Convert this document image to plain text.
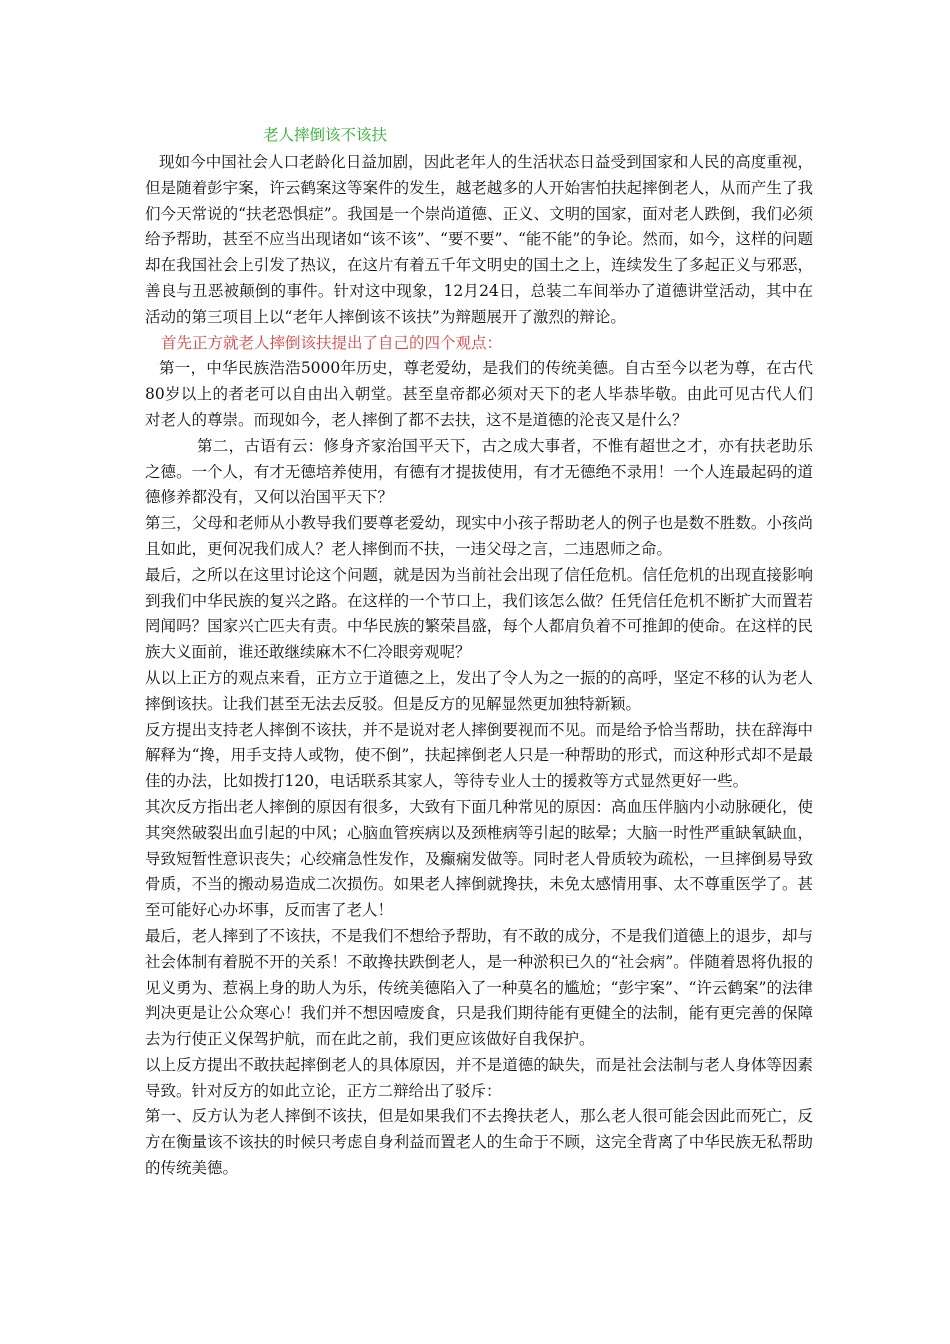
老人摔倒该不该扶

现如今中国社会人口老龄化日益加剧，因此老年人的生活状态日益受到国家和人民的高度重视，但是随着彭宇案，许云鹤案这等案件的发生，越老越多的人开始害怕扶起摔倒老人，从而产生了我们今天常说的“扶老恐惧症”。我国是一个崇尚道德、正义、文明的国家，面对老人跌倒，我们必须给予帮助，甚至不应当出现诸如“该不该”、“要不要”、“能不能”的争论。然而，如今，这样的问题却在我国社会上引发了热议，在这片有着五千年文明史的国土之上，连续发生了多起正义与邪恶，善良与丑恶被颠倒的事件。针对这中现象，12月24日，总装二车间举办了道德讲堂活动，其中在活动的第三项目上以“老年人摔倒该不该扶”为辩题展开了激烈的辩论。

首先正方就老人摔倒该扶提出了自己的四个观点：

第一，中华民族浩浩5000年历史，尊老爱幼，是我们的传统美德。自古至今以老为尊，在古代80岁以上的者老可以自由出入朝堂。甚至皇帝都必须对天下的老人毕恭毕敬。由此可见古代人们对老人的尊崇。而现如今，老人摔倒了都不去扶，这不是道德的沦丧又是什么？

第二，古语有云：修身齐家治国平天下，古之成大事者，不惟有超世之才，亦有扶老助乐之德。一个人，有才无德培养使用，有德有才提拔使用，有才无德绝不录用！一个人连最起码的道德修养都没有，又何以治国平天下？

第三，父母和老师从小教导我们要尊老爱幼，现实中小孩子帮助老人的例子也是数不胜数。小孩尚且如此，更何况我们成人？老人摔倒而不扶，一违父母之言，二违恩师之命。

最后，之所以在这里讨论这个问题，就是因为当前社会出现了信任危机。信任危机的出现直接影响到我们中华民族的复兴之路。在这样的一个节口上，我们该怎么做？任凭信任危机不断扩大而置若罔闻吗？国家兴亡匹夫有责。中华民族的繁荣昌盛，每个人都肩负着不可推卸的使命。在这样的民族大义面前，谁还敢继续麻木不仁冷眼旁观呢？

从以上正方的观点来看，正方立于道德之上，发出了令人为之一振的的高呼，坚定不移的认为老人摔倒该扶。让我们甚至无法去反驳。但是反方的见解显然更加独特新颖。

反方提出支持老人摔倒不该扶，并不是说对老人摔倒要视而不见。而是给予恰当帮助，扶在辞海中解释为“搀，用手支持人或物，使不倒”，扶起摔倒老人只是一种帮助的形式，而这种形式却不是最佳的办法，比如拨打120，电话联系其家人，等待专业人士的援救等方式显然更好一些。

其次反方指出老人摔倒的原因有很多，大致有下面几种常见的原因：高血压伴脑内小动脉硬化，使其突然破裂出血引起的中风；心脑血管疾病以及颈椎病等引起的眩晕；大脑一时性严重缺氧缺血，导致短暂性意识丧失；心绞痛急性发作，及癫痫发做等。同时老人骨质较为疏松，一旦摔倒易导致骨质，不当的搬动易造成二次损伤。如果老人摔倒就搀扶，未免太感情用事、太不尊重医学了。甚至可能好心办坏事，反而害了老人！

最后，老人摔到了不该扶，不是我们不想给予帮助，有不敢的成分，不是我们道德上的退步，却与社会体制有着脱不开的关系！不敢搀扶跌倒老人，是一种淤积已久的“社会病”。伴随着恩将仇报的见义勇为、惹祸上身的助人为乐，传统美德陷入了一种莫名的尴尬；“彭宇案”、“许云鹤案”的法律判决更是让公众寒心！我们并不想因噎废食，只是我们期待能有更健全的法制，能有更完善的保障去为行使正义保驾护航，而在此之前，我们更应该做好自我保护。

以上反方提出不敢扶起摔倒老人的具体原因，并不是道德的缺失，而是社会法制与老人身体等因素导致。针对反方的如此立论，正方二辩给出了驳斥：

第一、反方认为老人摔倒不该扶，但是如果我们不去搀扶老人，那么老人很可能会因此而死亡，反方在衡量该不该扶的时候只考虑自身利益而置老人的生命于不顾，这完全背离了中华民族无私帮助的传统美德。
